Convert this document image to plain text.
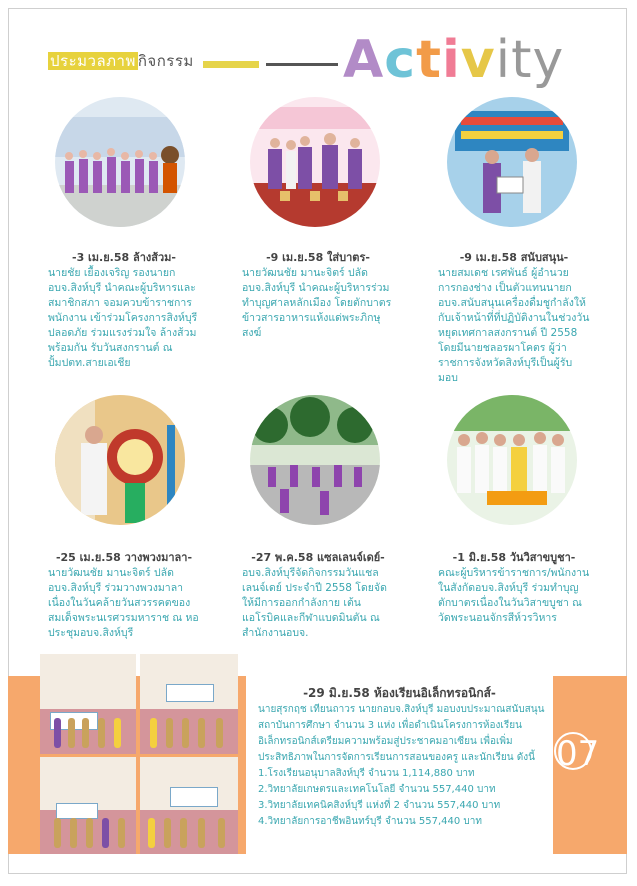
ประมวลภาพ กิจกรรม	Activity
-3 เม.ย.58 ล้างส้วม-
นายชัย เยื้องเจริญ รองนายกอบจ.สิงห์บุรี นำคณะผู้บริหารและสมาชิกสภา จอมควบข้าราชการ พนักงาน เข้าร่วมโครงการสิงห์บุรี ปลอดภัย ร่วมแรงร่วมใจ ล้างส้วม พร้อมกัน รับวันสงกรานต์ ณ ปั้มปตท.สายเอเชีย
-9 เม.ย.58 ใส่บาตร-
นายวัฒนชัย มานะจิตร์ ปลัดอบจ.สิงห์บุรี นำคณะผู้บริหารร่วมทำบุญศาลหลักเมือง โดยตักบาตรข้าวสารอาหารแห้งแด่พระภิกษุสงฆ์
-9 เม.ย.58 สนับสนุน-
นายสมเดช เรศพันธ์ ผู้อำนวยการกองช่าง เป็นตัวแทนนายกอบจ.สนับสนุนเครื่องดื่มชูกำลังให้กับเจ้าหน้าที่ที่ปฏิบัติงานในช่วงวันหยุดเทศกาลสงกรานต์ ปี 2558 โดยมีนายชลอรผาโคตร ผู้ว่าราชการจังหวัดสิงห์บุรีเป็นผู้รับมอบ
-25 เม.ย.58 วางพวงมาลา-
นายวัฒนชัย มานะจิตร์ ปลัดอบจ.สิงห์บุรี ร่วมวางพวงมาลา เนื่องในวันคล้ายวันสวรรคตของสมเด็จพระนเรศวรมหาราช ณ หอประชุมอบจ.สิงห์บุรี
-27 พ.ค.58 แซลเลนจ์เดย์-
อบจ.สิงห์บุรีจัดกิจกรรมวันแชลเลนจ์เดย์ ประจำปี 2558 โดยจัดให้มีการออกกำลังกาย เต้นแอโรบิคและกีฬาแบดมินตัน ณ สำนักงานอบจ.
-1 มิ.ย.58 วันวิสาขบูชา-
คณะผู้บริหารข้าราชการ/พนักงานในสังกัดอบจ.สิงห์บุรี ร่วมทำบุญตักบาตรเนื่องในวันวิสาขบูชา ณ วัดพระนอนจักรสีห์วรวิหาร
-29 มิ.ย.58 ห้องเรียนอิเล็กทรอนิกส์-
นายสุรกฤช เทียนถาวร นายกอบจ.สิงห์บุรี มอบงบประมาณสนับสนุนสถาบันการศึกษา จำนวน 3 แห่ง เพื่อดำเนินโครงการห้องเรียนอิเล็กทรอนิกส์เตรียมความพร้อมสู่ประชาคมอาเซียน เพื่อเพิ่มประสิทธิภาพในการจัดการเรียนการสอนของครู และนักเรียน ดังนี้
1.โรงเรียนอนุบาลสิงห์บุรี จำนวน 1,114,880 บาท
2.วิทยาลัยเกษตรและเทคโนโลยี จำนวน 557,440 บาท
3.วิทยาลัยเทคนิคสิงห์บุรี แห่งที่ 2 จำนวน 557,440 บาท
4.วิทยาลัยการอาชีพอินทร์บุรี จำนวน 557,440 บาท
07
